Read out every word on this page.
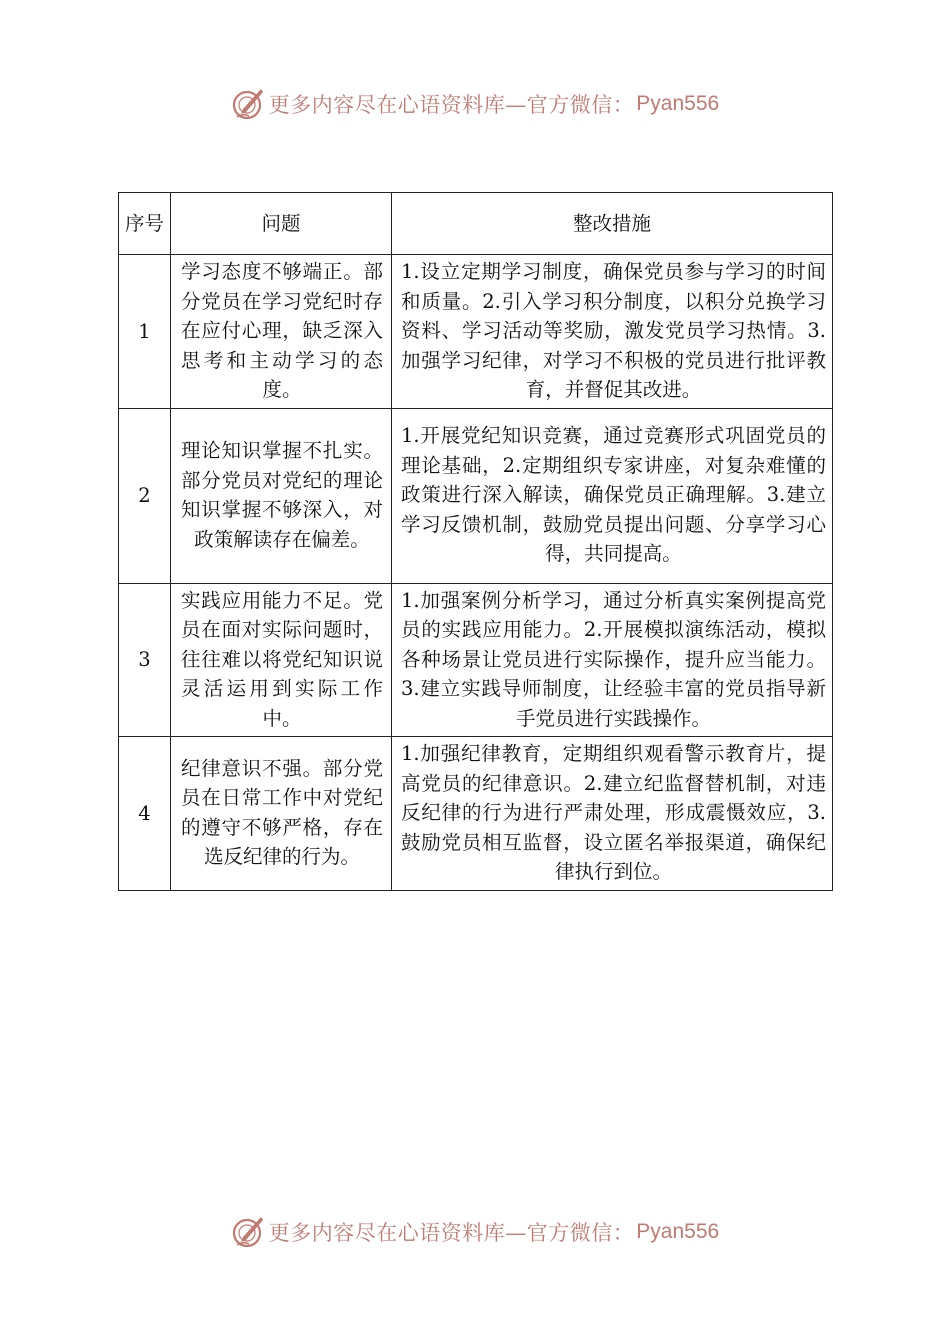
更多内容尽在心语资料库—官方微信： Pyan556
序号	问题	整改措施
1	学习态度不够端正。部分党员在学习党纪时存在应付心理，缺乏深入思考和主动学习的态度。	1.设立定期学习制度，确保党员参与学习的时间和质量。2.引入学习积分制度，以积分兑换学习资料、学习活动等奖励，激发党员学习热情。3.加强学习纪律，对学习不积极的党员进行批评教育，并督促其改进。

2	理论知识掌握不扎实。部分党员对党纪的理论知识掌握不够深入，对政策解读存在偏差。	1.开展党纪知识竞赛，通过竞赛形式巩固党员的理论基础，2.定期组织专家讲座，对复杂难懂的政策进行深入解读，确保党员正确理解。3.建立学习反馈机制，鼓励党员提出问题、分享学习心得，共同提高。

3	实践应用能力不足。党员在面对实际问题时，往往难以将党纪知识说灵活运用到实际工作中。	1.加强案例分析学习，通过分析真实案例提高党员的实践应用能力。2.开展模拟演练活动，模拟各种场景让党员进行实际操作，提升应当能力。3.建立实践导师制度，让经验丰富的党员指导新手党员进行实践操作。

4	纪律意识不强。部分党员在日常工作中对党纪的遵守不够严格，存在选反纪律的行为。	1.加强纪律教育，定期组织观看警示教育片，提高党员的纪律意识。2.建立纪监督替机制，对违反纪律的行为进行严肃处理，形成震慑效应，3.鼓励党员相互监督，设立匿名举报渠道，确保纪律执行到位。
更多内容尽在心语资料库—官方微信： Pyan556
